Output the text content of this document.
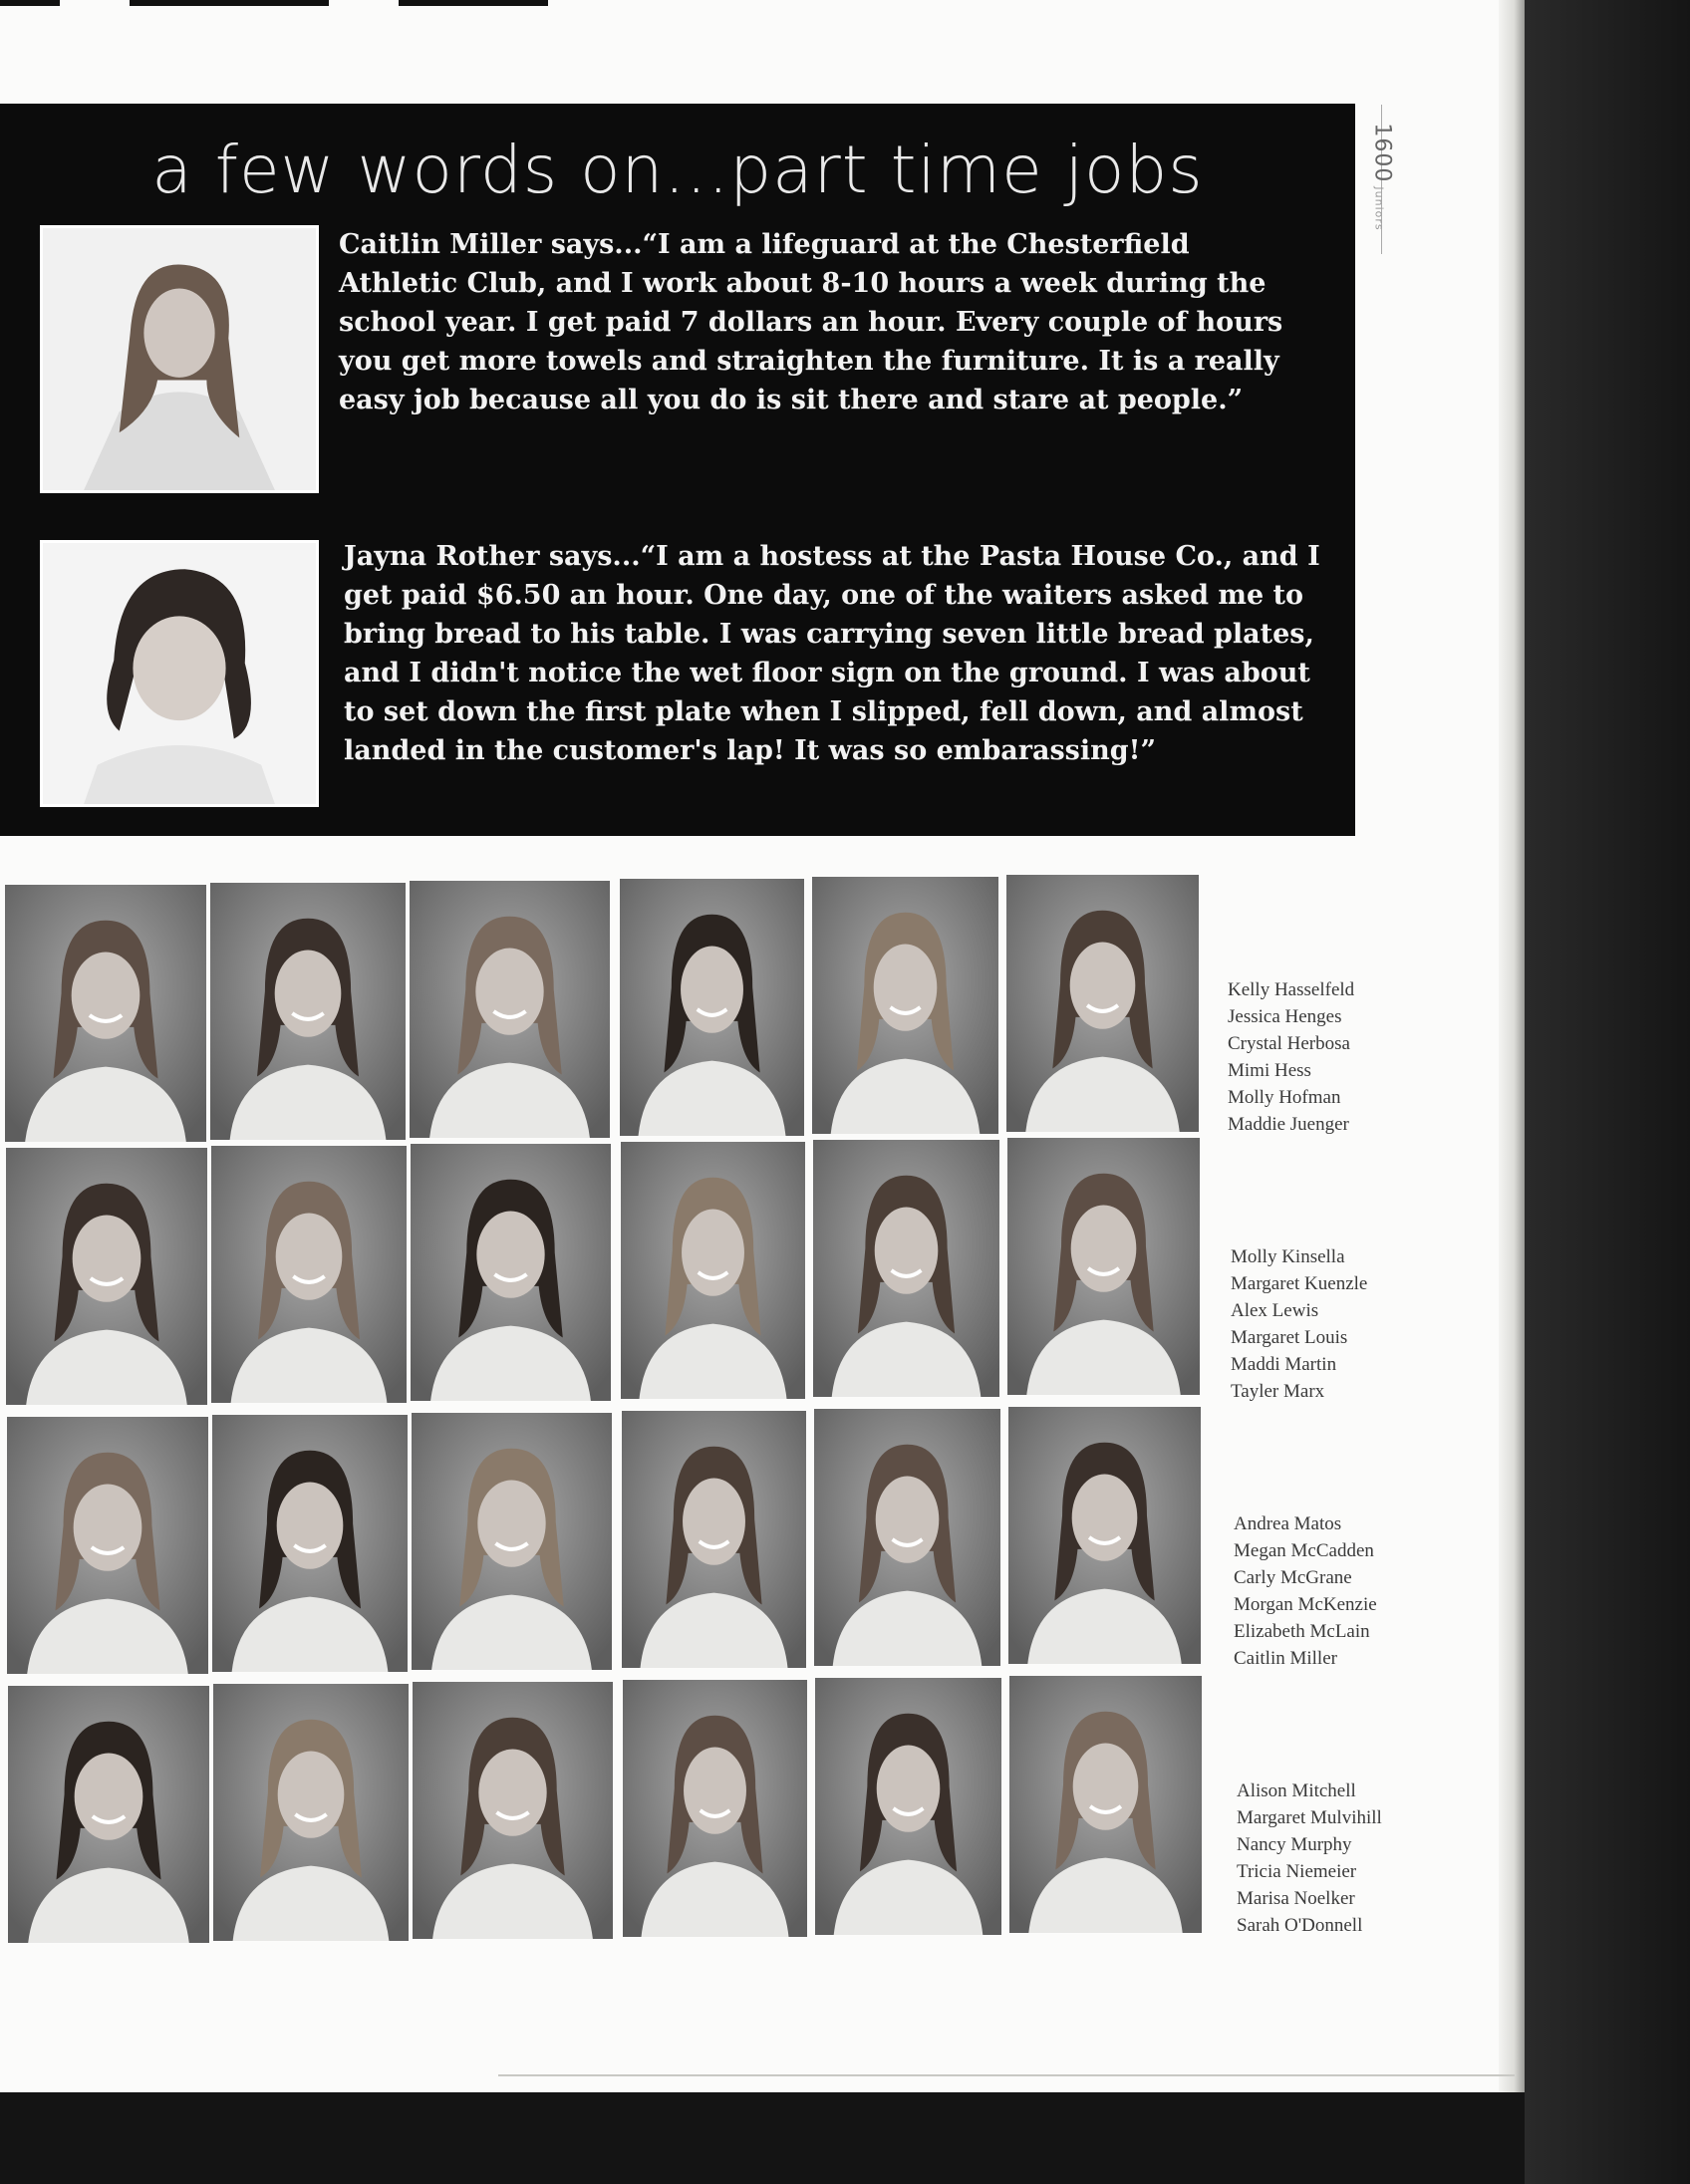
1600Juniors
a few words on...part time jobs
Caitlin Miller says...“I am a lifeguard at the Chesterfield Athletic Club, and I work about 8-10 hours a week during the school year. I get paid 7 dollars an hour. Every couple of hours you get more towels and straighten the furniture. It is a really easy job because all you do is sit there and stare at people.”
Jayna Rother says...“I am a hostess at the Pasta House Co., and I get paid $6.50 an hour. One day, one of the waiters asked me to bring bread to his table. I was carrying seven little bread plates, and I didn't notice the wet floor sign on the ground. I was about to set down the first plate when I slipped, fell down, and almost landed in the customer's lap! It was so embarassing!”
Kelly Hasselfeld
Jessica Henges
Crystal Herbosa
Mimi Hess
Molly Hofman
Maddie Juenger
Molly Kinsella
Margaret Kuenzle
Alex Lewis
Margaret Louis
Maddi Martin
Tayler Marx
Andrea Matos
Megan McCadden
Carly McGrane
Morgan McKenzie
Elizabeth McLain
Caitlin Miller
Alison Mitchell
Margaret Mulvihill
Nancy Murphy
Tricia Niemeier
Marisa Noelker
Sarah O'Donnell
